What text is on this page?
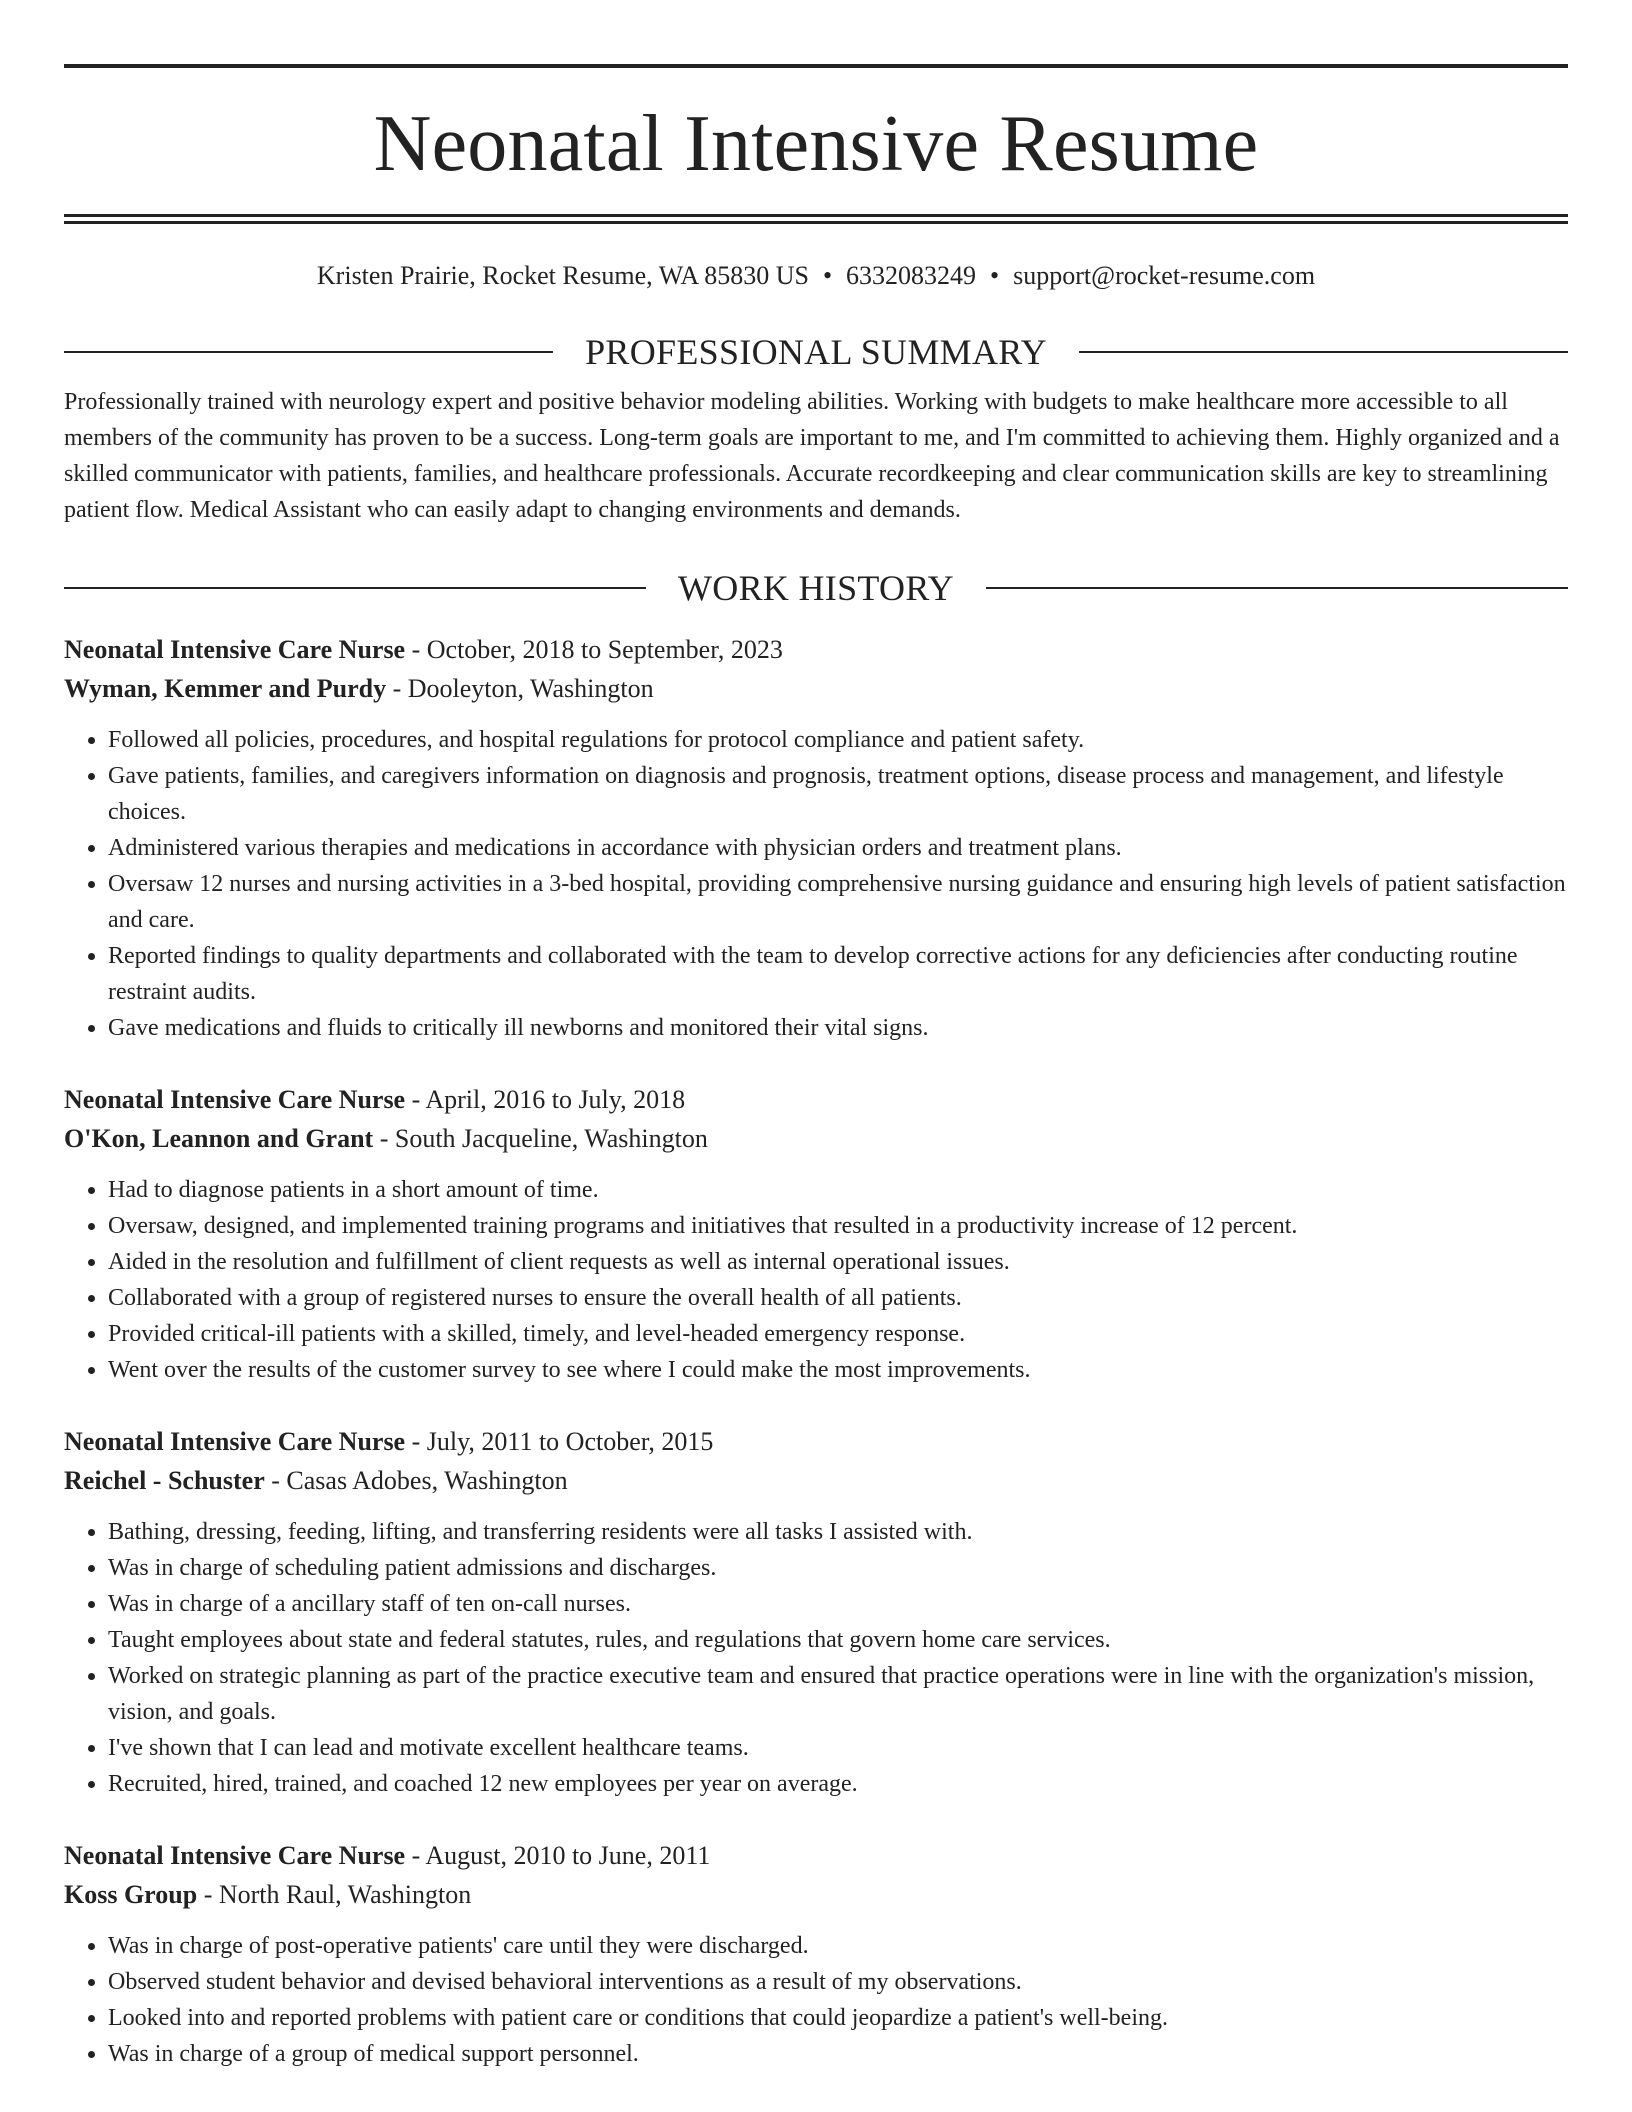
Neonatal Intensive Resume
Kristen Prairie, Rocket Resume, WA 85830 US • 6332083249 • support@rocket-resume.com
PROFESSIONAL SUMMARY
Professionally trained with neurology expert and positive behavior modeling abilities. Working with budgets to make healthcare more accessible to all members of the community has proven to be a success. Long-term goals are important to me, and I'm committed to achieving them. Highly organized and a skilled communicator with patients, families, and healthcare professionals. Accurate recordkeeping and clear communication skills are key to streamlining patient flow. Medical Assistant who can easily adapt to changing environments and demands.
WORK HISTORY
Neonatal Intensive Care Nurse - October, 2018 to September, 2023
Wyman, Kemmer and Purdy - Dooleyton, Washington
• Followed all policies, procedures, and hospital regulations for protocol compliance and patient safety.
• Gave patients, families, and caregivers information on diagnosis and prognosis, treatment options, disease process and management, and lifestyle choices.
• Administered various therapies and medications in accordance with physician orders and treatment plans.
• Oversaw 12 nurses and nursing activities in a 3-bed hospital, providing comprehensive nursing guidance and ensuring high levels of patient satisfaction and care.
• Reported findings to quality departments and collaborated with the team to develop corrective actions for any deficiencies after conducting routine restraint audits.
• Gave medications and fluids to critically ill newborns and monitored their vital signs.
Neonatal Intensive Care Nurse - April, 2016 to July, 2018
O'Kon, Leannon and Grant - South Jacqueline, Washington
• Had to diagnose patients in a short amount of time.
• Oversaw, designed, and implemented training programs and initiatives that resulted in a productivity increase of 12 percent.
• Aided in the resolution and fulfillment of client requests as well as internal operational issues.
• Collaborated with a group of registered nurses to ensure the overall health of all patients.
• Provided critical-ill patients with a skilled, timely, and level-headed emergency response.
• Went over the results of the customer survey to see where I could make the most improvements.
Neonatal Intensive Care Nurse - July, 2011 to October, 2015
Reichel - Schuster - Casas Adobes, Washington
• Bathing, dressing, feeding, lifting, and transferring residents were all tasks I assisted with.
• Was in charge of scheduling patient admissions and discharges.
• Was in charge of a ancillary staff of ten on-call nurses.
• Taught employees about state and federal statutes, rules, and regulations that govern home care services.
• Worked on strategic planning as part of the practice executive team and ensured that practice operations were in line with the organization's mission, vision, and goals.
• I've shown that I can lead and motivate excellent healthcare teams.
• Recruited, hired, trained, and coached 12 new employees per year on average.
Neonatal Intensive Care Nurse - August, 2010 to June, 2011
Koss Group - North Raul, Washington
• Was in charge of post-operative patients' care until they were discharged.
• Observed student behavior and devised behavioral interventions as a result of my observations.
• Looked into and reported problems with patient care or conditions that could jeopardize a patient's well-being.
• Was in charge of a group of medical support personnel.
